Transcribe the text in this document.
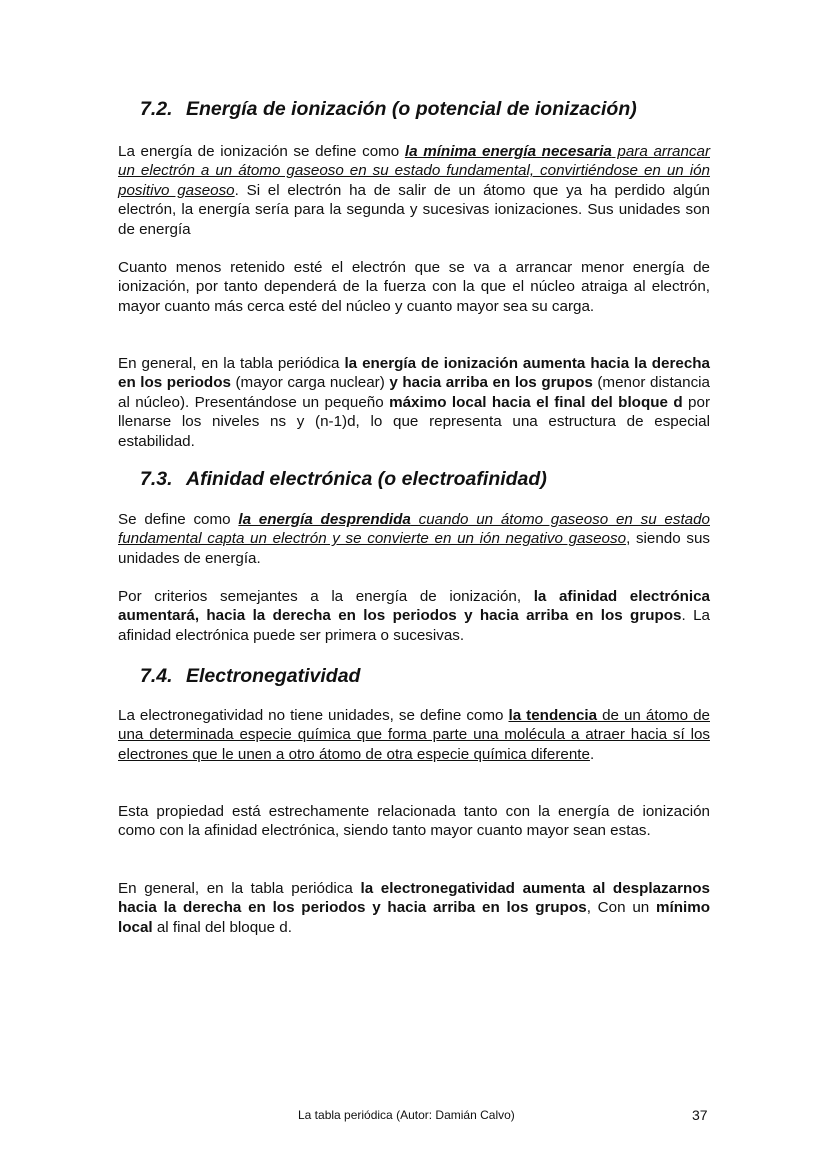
7.2. Energía de ionización (o potencial de ionización)

La energía de ionización se define como la mínima energía necesaria para arrancar un electrón a un átomo gaseoso en su estado fundamental, convirtiéndose en un ión positivo gaseoso. Si el electrón ha de salir de un átomo que ya ha perdido algún electrón, la energía sería para la segunda y sucesivas ionizaciones. Sus unidades son de energía

Cuanto menos retenido esté el electrón que se va a arrancar menor energía de ionización, por tanto dependerá de la fuerza con la que el núcleo atraiga al electrón, mayor cuanto más cerca esté del núcleo y cuanto mayor sea su carga.

En general, en la tabla periódica la energía de ionización aumenta hacia la derecha en los periodos (mayor carga nuclear) y hacia arriba en los grupos (menor distancia al núcleo). Presentándose un pequeño máximo local hacia el final del bloque d por llenarse los niveles ns y (n-1)d, lo que representa una estructura de especial estabilidad.

7.3. Afinidad electrónica (o electroafinidad)

Se define como la energía desprendida cuando un átomo gaseoso en su estado fundamental capta un electrón y se convierte en un ión negativo gaseoso, siendo sus unidades de energía.

Por criterios semejantes a la energía de ionización, la afinidad electrónica aumentará, hacia la derecha en los periodos y hacia arriba en los grupos. La afinidad electrónica puede ser primera o sucesivas.

7.4. Electronegatividad

La electronegatividad no tiene unidades, se define como la tendencia de un átomo de una determinada especie química que forma parte una molécula a atraer hacia sí los electrones que le unen a otro átomo de otra especie química diferente.

Esta propiedad está estrechamente relacionada tanto con la energía de ionización como con la afinidad electrónica, siendo tanto mayor cuanto mayor sean estas.

En general, en la tabla periódica la electronegatividad aumenta al desplazarnos hacia la derecha en los periodos y hacia arriba en los grupos, Con un mínimo local al final del bloque d.

La tabla periódica (Autor: Damián Calvo)	37
